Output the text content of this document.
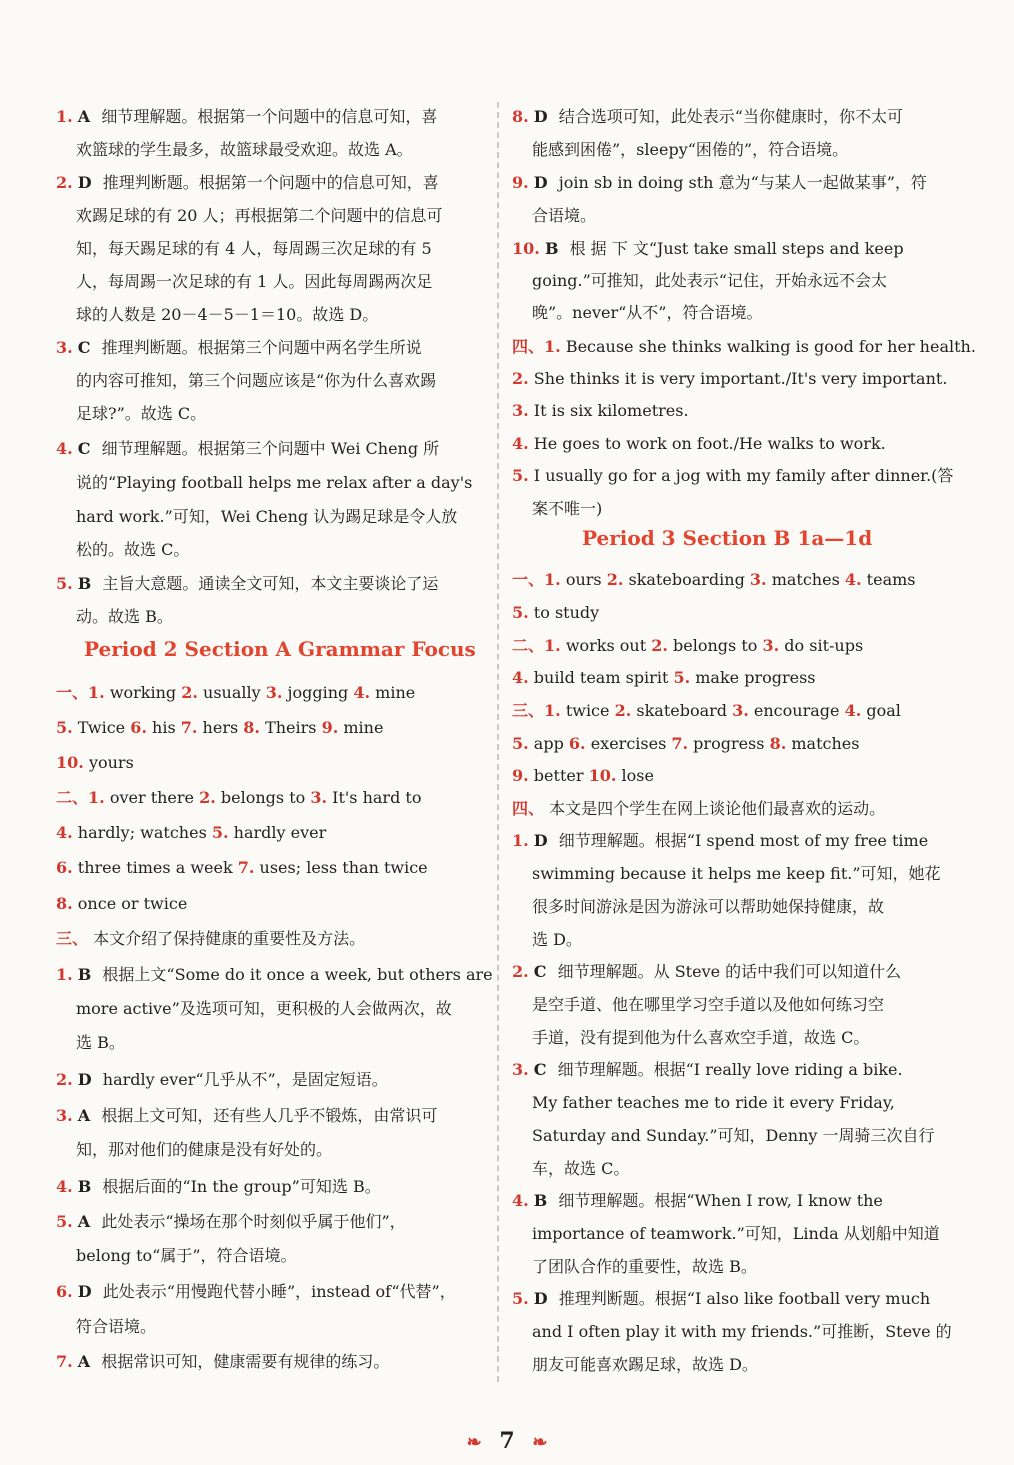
Period 2 Section A Grammar Focus
1. A 细节理解题。根据第一个问题中的信息可知，喜
欢篮球的学生最多，故篮球最受欢迎。故选 A。
2. D 推理判断题。根据第一个问题中的信息可知，喜
欢踢足球的有 20 人；再根据第二个问题中的信息可
知，每天踢足球的有 4 人，每周踢三次足球的有 5
人，每周踢一次足球的有 1 人。因此每周踢两次足
球的人数是 20－4－5－1＝10。故选 D。
3. C 推理判断题。根据第三个问题中两名学生所说
的内容可推知，第三个问题应该是“你为什么喜欢踢
足球?”。故选 C。
4. C 细节理解题。根据第三个问题中 Wei Cheng 所
说的“Playing football helps me relax after a day's
hard work.”可知，Wei Cheng 认为踢足球是令人放
松的。故选 C。
5. B 主旨大意题。通读全文可知，本文主要谈论了运
动。故选 B。
一、1. working 2. usually 3. jogging 4. mine
5. Twice 6. his 7. hers 8. Theirs 9. mine
10. yours
二、1. over there 2. belongs to 3. It's hard to
4. hardly; watches 5. hardly ever
6. three times a week 7. uses; less than twice
8. once or twice
三、 本文介绍了保持健康的重要性及方法。
1. B 根据上文“Some do it once a week, but others are
more active”及选项可知，更积极的人会做两次，故
选 B。
2. D hardly ever“几乎从不”，是固定短语。
3. A 根据上文可知，还有些人几乎不锻炼，由常识可
知，那对他们的健康是没有好处的。
4. B 根据后面的“In the group”可知选 B。
5. A 此处表示“操场在那个时刻似乎属于他们”，
belong to“属于”，符合语境。
6. D 此处表示“用慢跑代替小睡”，instead of“代替”，
符合语境。
7. A 根据常识可知，健康需要有规律的练习。
Period 3 Section B 1a—1d
8. D 结合选项可知，此处表示“当你健康时，你不太可
能感到困倦”，sleepy“困倦的”，符合语境。
9. D join sb in doing sth 意为“与某人一起做某事”，符
合语境。
10. B 根 据 下 文“Just take small steps and keep
going.”可推知，此处表示“记住，开始永远不会太
晚”。never“从不”，符合语境。
四、1. Because she thinks walking is good for her health.
2. She thinks it is very important./It's very important.
3. It is six kilometres.
4. He goes to work on foot./He walks to work.
5. I usually go for a jog with my family after dinner.(答
案不唯一)
一、1. ours 2. skateboarding 3. matches 4. teams
5. to study
二、1. works out 2. belongs to 3. do sit-ups
4. build team spirit 5. make progress
三、1. twice 2. skateboard 3. encourage 4. goal
5. app 6. exercises 7. progress 8. matches
9. better 10. lose
四、 本文是四个学生在网上谈论他们最喜欢的运动。
1. D 细节理解题。根据“I spend most of my free time
swimming because it helps me keep fit.”可知，她花
很多时间游泳是因为游泳可以帮助她保持健康，故
选 D。
2. C 细节理解题。从 Steve 的话中我们可以知道什么
是空手道、他在哪里学习空手道以及他如何练习空
手道，没有提到他为什么喜欢空手道，故选 C。
3. C 细节理解题。根据“I really love riding a bike.
My father teaches me to ride it every Friday,
Saturday and Sunday.”可知，Denny 一周骑三次自行
车，故选 C。
4. B 细节理解题。根据“When I row, I know the
importance of teamwork.”可知，Linda 从划船中知道
了团队合作的重要性，故选 B。
5. D 推理判断题。根据“I also like football very much
and I often play it with my friends.”可推断，Steve 的
朋友可能喜欢踢足球，故选 D。
❧ 7 ❧
